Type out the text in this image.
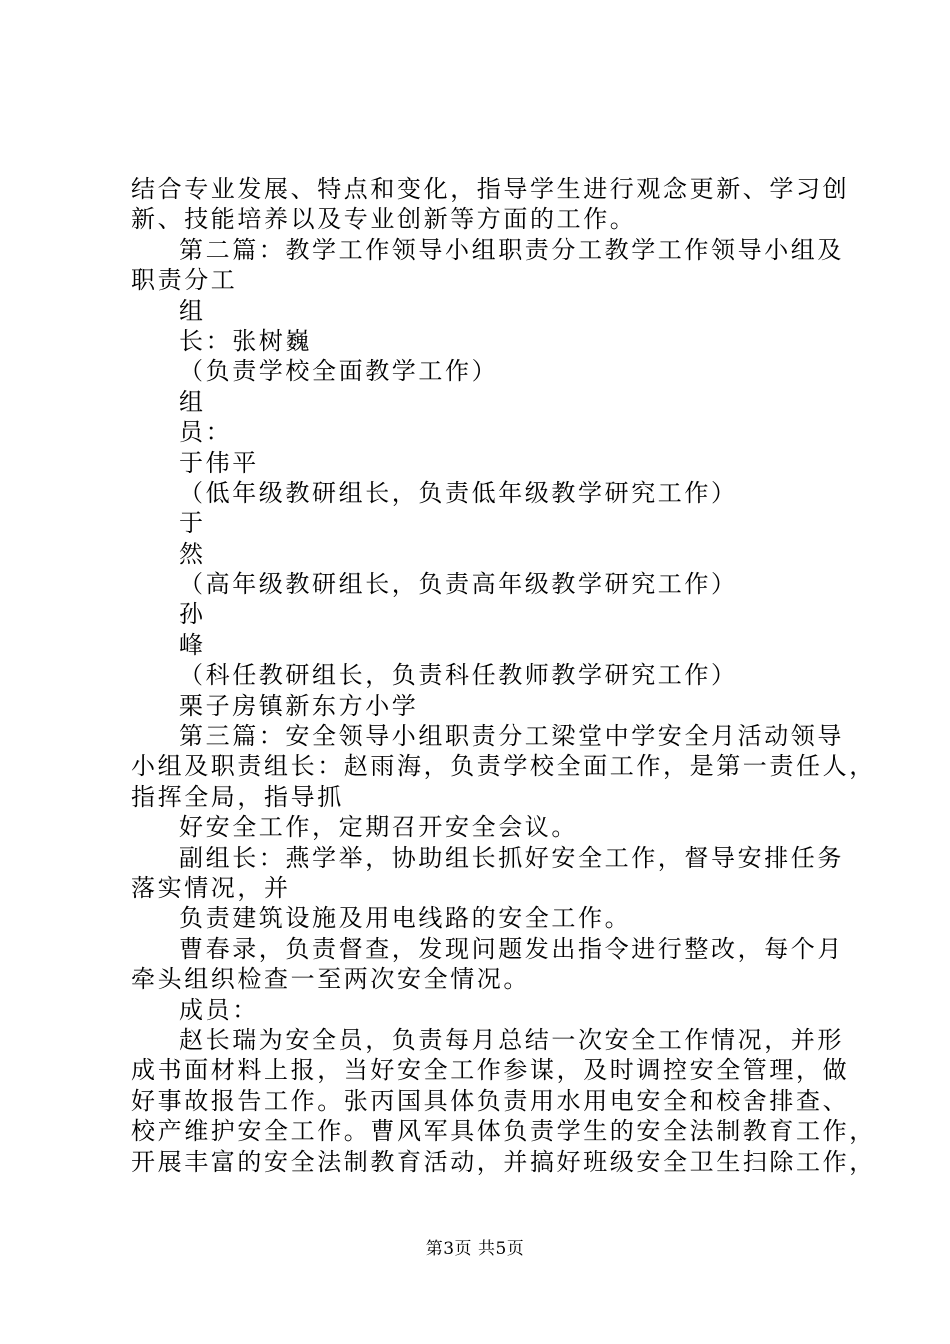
结合专业发展、特点和变化，指导学生进行观念更新、学习创
新、技能培养以及专业创新等方面的工作。
第二篇：教学工作领导小组职责分工教学工作领导小组及
职责分工
组
长：张树巍
（负责学校全面教学工作）
组
员：
于伟平
（低年级教研组长，负责低年级教学研究工作）
于
然
（高年级教研组长，负责高年级教学研究工作）
孙
峰
（科任教研组长，负责科任教师教学研究工作）
栗子房镇新东方小学
第三篇：安全领导小组职责分工梁堂中学安全月活动领导
小组及职责组长：赵雨海，负责学校全面工作，是第一责任人，
指挥全局，指导抓
好安全工作，定期召开安全会议。
副组长：燕学举，协助组长抓好安全工作，督导安排任务
落实情况，并
负责建筑设施及用电线路的安全工作。
曹春录，负责督查，发现问题发出指令进行整改，每个月
牵头组织检查一至两次安全情况。
成员：
赵长瑞为安全员，负责每月总结一次安全工作情况，并形
成书面材料上报，当好安全工作参谋，及时调控安全管理，做
好事故报告工作。张丙国具体负责用水用电安全和校舍排查、
校产维护安全工作。曹风军具体负责学生的安全法制教育工作，
开展丰富的安全法制教育活动，并搞好班级安全卫生扫除工作，
第3页 共5页
